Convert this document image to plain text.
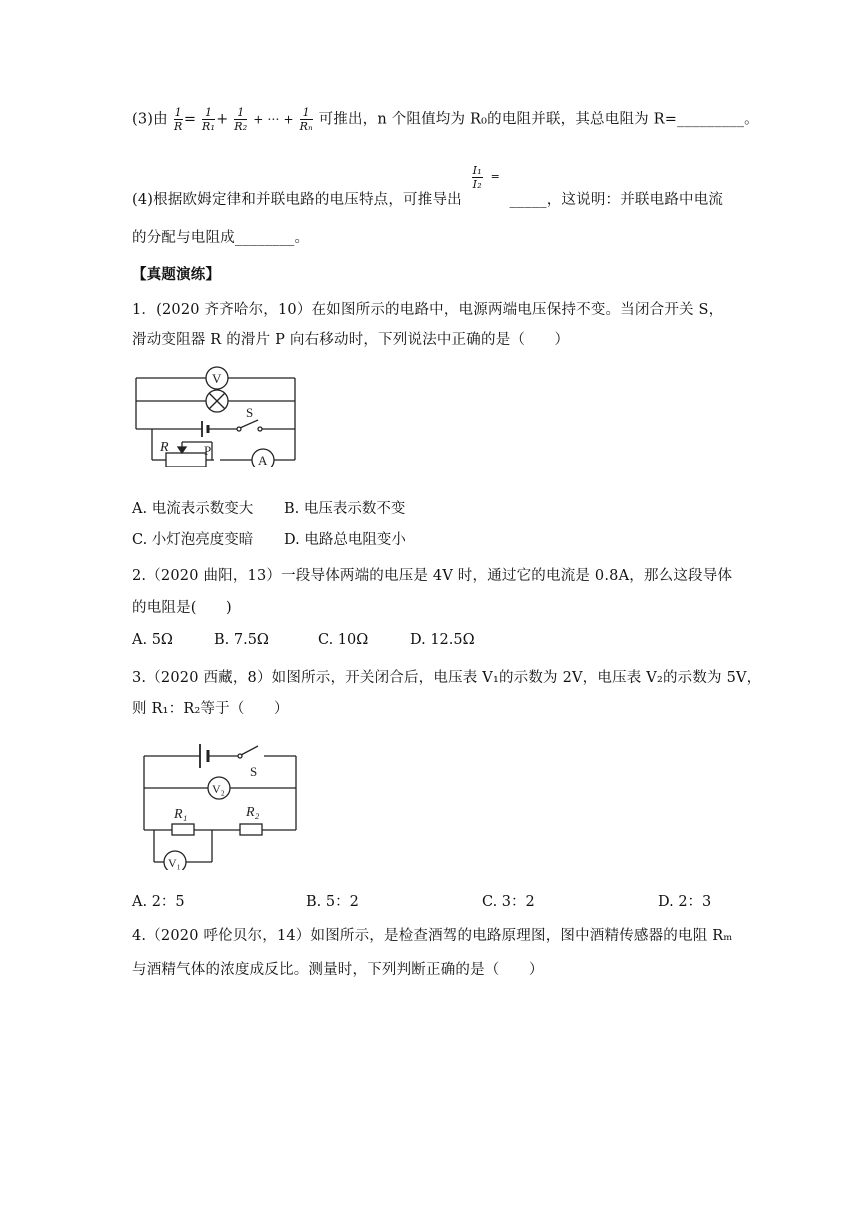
(3)由 $\frac{1}{R} = \frac{1}{\text{R₁}} + \frac{1}{\text{R₂}}$ + ··· + $\frac{1}{\text{Rₙ}}$ 可推出，n 个阻值均为 R₀的电阻并联，其总电阻为 R=_________。
(4)根据欧姆定律和并联电路的电压特点，可推导出
$\frac{\text{I₁}}{\text{I₂}}$ =
_____，这说明：并联电路中电流
的分配与电阻成________。
【真题演练】
1．(2020 齐齐哈尔，10）在如图所示的电路中，电源两端电压保持不变。当闭合开关 S，
滑动变阻器 R 的滑片 P 向右移动时，下列说法中正确的是（　　）
V
S
R	P
A
A. 电流表示数变大 B. 电压表示数不变
C. 小灯泡亮度变暗 D. 电路总电阻变小
2.（2020 曲阳，13）一段导体两端的电压是 4V 时，通过它的电流是 0.8A，那么这段导体
的电阻是(　　)
A. 5Ω	B. 7.5Ω	C. 10Ω	D. 12.5Ω
3.（2020 西藏，8）如图所示，开关闭合后，电压表 V₁的示数为 2V，电压表 V₂的示数为 5V，
则 R₁：R₂等于（　　）
S
V₂
R₁	R₂
V₁
A. 2：5	B. 5：2	C. 3：2	D. 2：3
4.（2020 呼伦贝尔，14）如图所示，是检查酒驾的电路原理图，图中酒精传感器的电阻 Rₘ
与酒精气体的浓度成反比。测量时，下列判断正确的是（　　）
